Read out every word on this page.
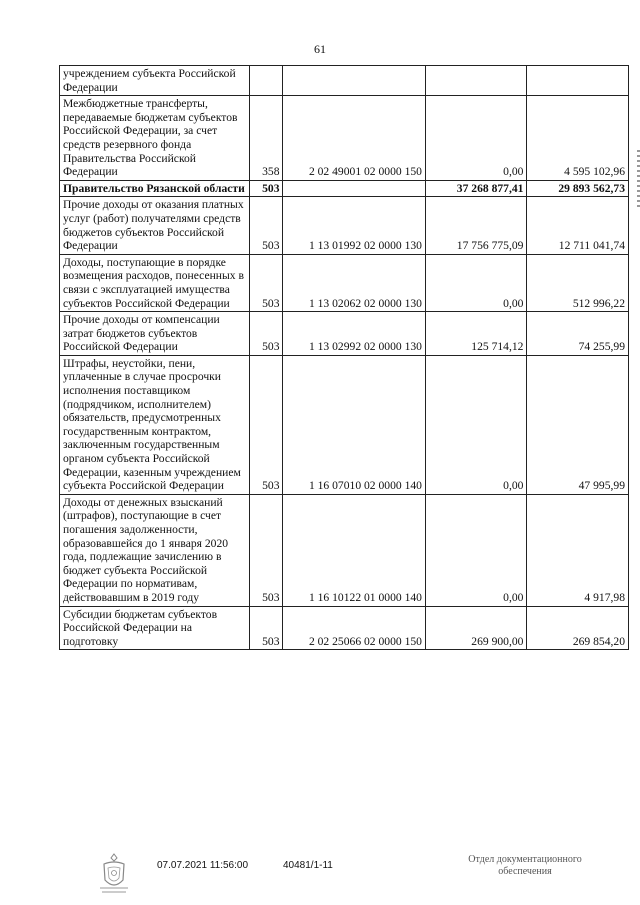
61
учреждением субъекта Российской Федерации				
Межбюджетные трансферты, передаваемые бюджетам субъектов Российской Федерации, за счет средств резервного фонда Правительства Российской Федерации	358	2 02 49001 02 0000 150	0,00	4 595 102,96
Правительство Рязанской области	503		37 268 877,41	29 893 562,73
Прочие доходы от оказания платных услуг (работ) получателями средств бюджетов субъектов Российской Федерации	503	1 13 01992 02 0000 130	17 756 775,09	12 711 041,74
Доходы, поступающие в порядке возмещения расходов, понесенных в связи с эксплуатацией имущества субъектов Российской Федерации	503	1 13 02062 02 0000 130	0,00	512 996,22
Прочие доходы от компенсации затрат бюджетов субъектов Российской Федерации	503	1 13 02992 02 0000 130	125 714,12	74 255,99
Штрафы, неустойки, пени, уплаченные в случае просрочки исполнения поставщиком (подрядчиком, исполнителем) обязательств, предусмотренных государственным контрактом, заключенным государственным органом субъекта Российской Федерации, казенным учреждением субъекта Российской Федерации	503	1 16 07010 02 0000 140	0,00	47 995,99
Доходы от денежных взысканий (штрафов), поступающие в счет погашения задолженности, образовавшейся до 1 января 2020 года, подлежащие зачислению в бюджет субъекта Российской Федерации по нормативам, действовавшим в 2019 году	503	1 16 10122 01 0000 140	0,00	4 917,98
Субсидии бюджетам субъектов Российской Федерации на подготовку	503	2 02 25066 02 0000 150	269 900,00	269 854,20
07.07.2021 11:56:00	40481/1-11
Отдел документационного
обеспечения
